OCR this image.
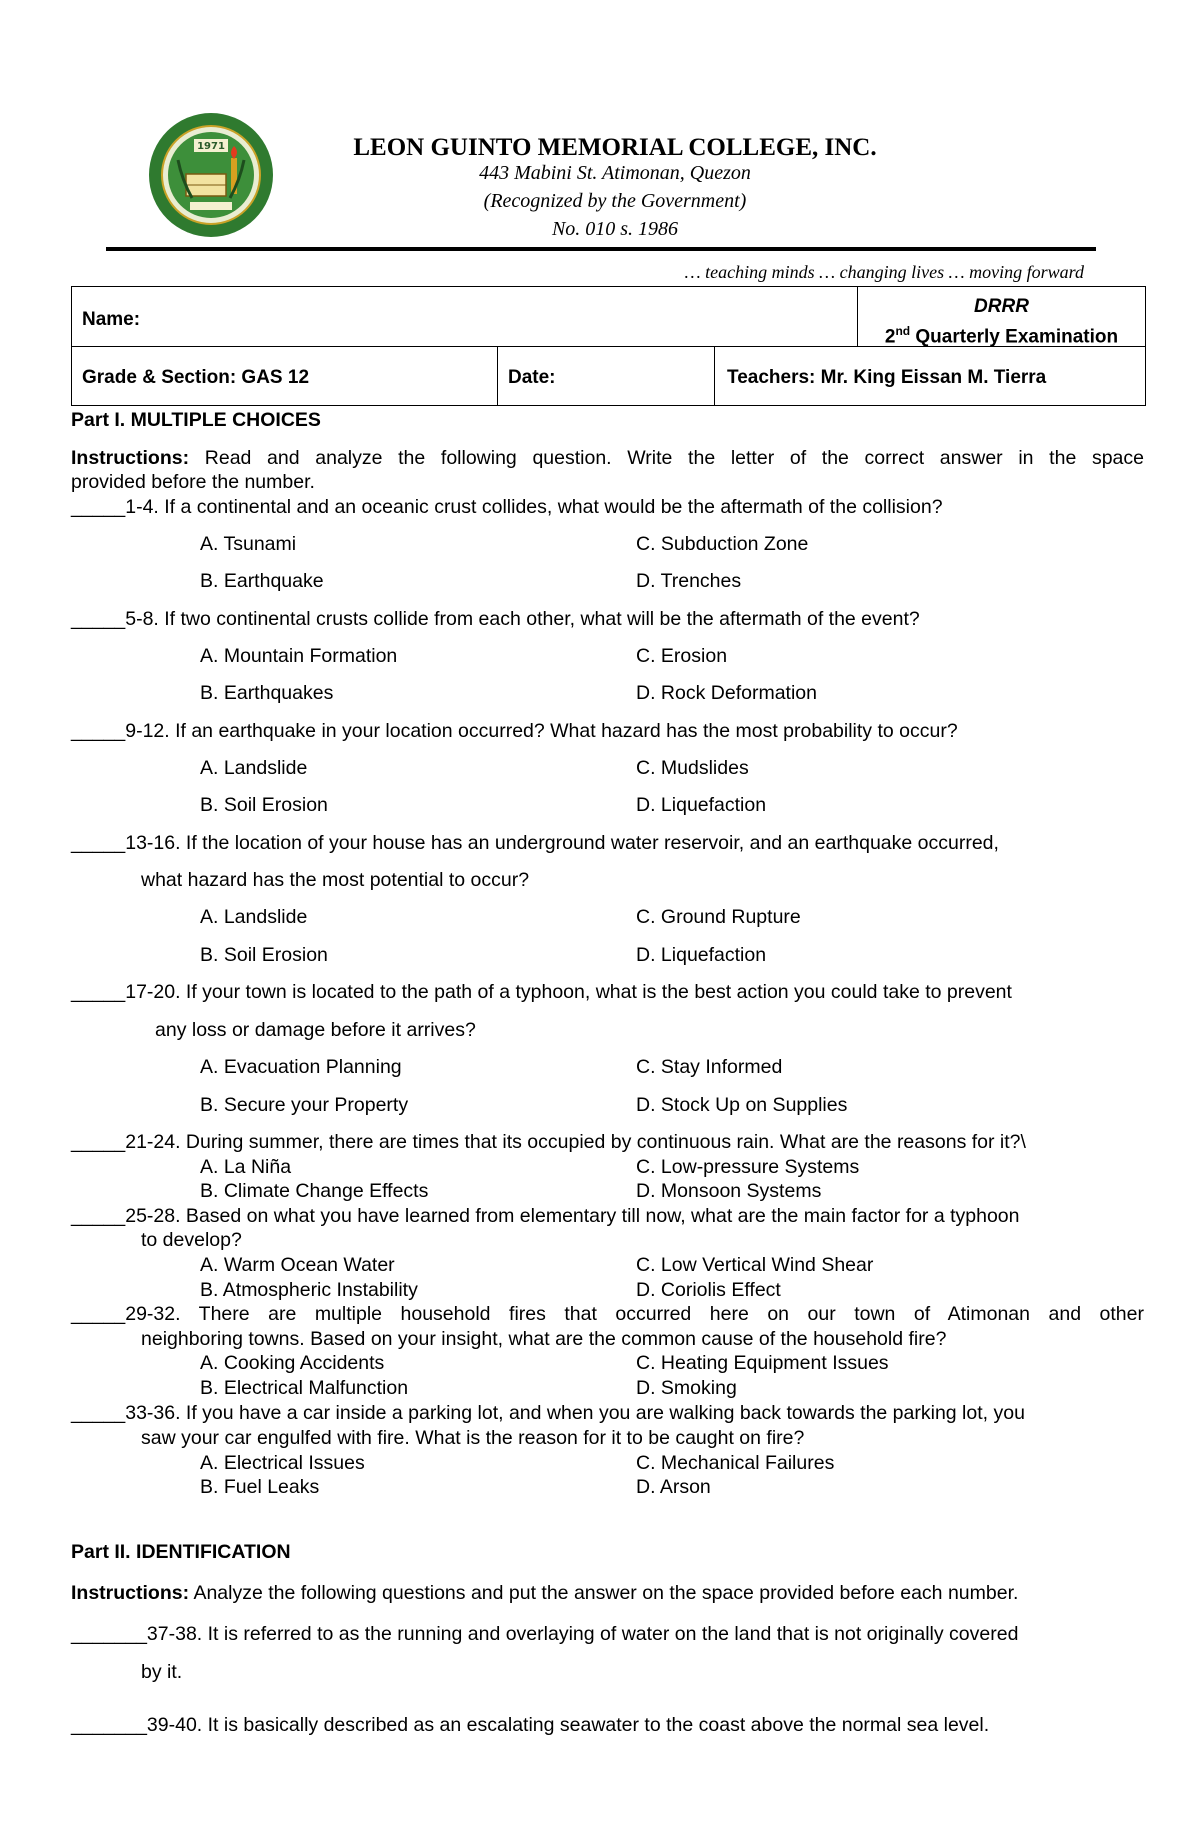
1971	LEON GUINTO MEMORIAL COLLEGE, INC.
443 Mabini St. Atimonan, Quezon
(Recognized by the Government)
No. 010 s. 1986
… teaching minds … changing lives … moving forward
Name:
DRRR
2nd Quarterly Examination
Grade & Section: GAS 12	Date:	Teachers: Mr. King Eissan M. Tierra
Part I. MULTIPLE CHOICES
Instructions: Read and analyze the following question. Write the letter of the correct answer in the space
provided before the number.
_____1-4. If a continental and an oceanic crust collides, what would be the aftermath of the collision?
A. Tsunami	C. Subduction Zone
B. Earthquake	D. Trenches
_____5-8. If two continental crusts collide from each other, what will be the aftermath of the event?
A. Mountain Formation	C. Erosion
B. Earthquakes	D. Rock Deformation
_____9-12. If an earthquake in your location occurred? What hazard has the most probability to occur?
A. Landslide	C. Mudslides
B. Soil Erosion	D. Liquefaction
_____13-16. If the location of your house has an underground water reservoir, and an earthquake occurred,
what hazard has the most potential to occur?
A. Landslide	C. Ground Rupture
B. Soil Erosion	D. Liquefaction
_____17-20. If your town is located to the path of a typhoon, what is the best action you could take to prevent
any loss or damage before it arrives?
A. Evacuation Planning	C. Stay Informed
B. Secure your Property	D. Stock Up on Supplies
_____21-24. During summer, there are times that its occupied by continuous rain. What are the reasons for it?\
A. La Niña	C. Low-pressure Systems
B. Climate Change Effects	D. Monsoon Systems
_____25-28. Based on what you have learned from elementary till now, what are the main factor for a typhoon
to develop?
A. Warm Ocean Water	C. Low Vertical Wind Shear
B. Atmospheric Instability	D. Coriolis Effect
_____29-32. There are multiple household fires that occurred here on our town of Atimonan and other
neighboring towns. Based on your insight, what are the common cause of the household fire?
A. Cooking Accidents	C. Heating Equipment Issues
B. Electrical Malfunction	D. Smoking
_____33-36. If you have a car inside a parking lot, and when you are walking back towards the parking lot, you
saw your car engulfed with fire. What is the reason for it to be caught on fire?
A. Electrical Issues	C. Mechanical Failures
B. Fuel Leaks	D. Arson
Part II. IDENTIFICATION
Instructions: Analyze the following questions and put the answer on the space provided before each number.
_______37-38. It is referred to as the running and overlaying of water on the land that is not originally covered
by it.
_______39-40. It is basically described as an escalating seawater to the coast above the normal sea level.
